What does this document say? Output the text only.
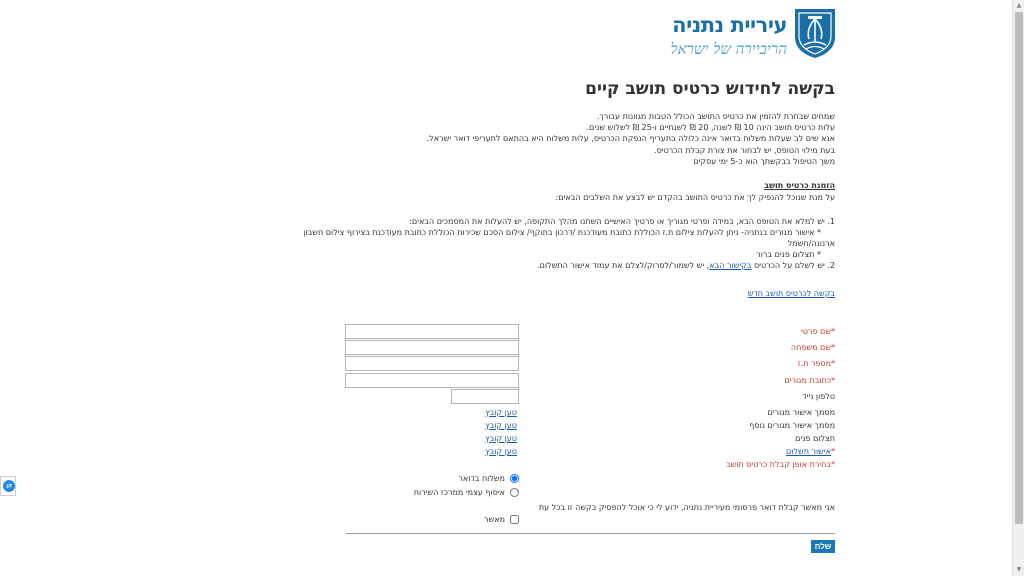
▲
▼
⇄
עיריית נתניה
הריביירה של ישראל
בקשה לחידוש כרטיס תושב קיים

שמחים שבחרת להזמין את כרטיס התושב הכולל הטבות מגוונות עבורך.

עלות כרטיס תושב הינה 10 ₪ לשנה, 20 ₪ לשנתיים ו-25 ₪ לשלוש שנים.

אנא שים לב שעלות משלוח בדואר אינה כלולה בתעריף הנפקת הכרטיס, עלות משלוח היא בהתאם לתעריפי דואר ישראל.

בעת מילוי הטופס, יש לבחור את צורת קבלת הכרטיס.

משך הטיפול בבקשתך הוא כ-5 ימי עסקים

הזמנת כרטיס תושב
על מנת שנוכל להנפיק לך את כרטיס התושב בהקדם יש לבצע את השלבים הבאים:
1. יש למלא את הטופס הבא, במידה ופרטי מגוריך או פרטיך האישיים השתנו מהלך התקופה, יש להעלות את המסמכים הבאים:
* אישור מגורים בנתניה- ניתן להעלות צילום ת.ז הכוללת כתובת מעודכנת /דרכון בתוקף/ צילום הסכם שכירות הכוללת כתובת מעודכנת בצירוף צילום חשבון
ארנונה/חשמל
* תצלום פנים ברור
2. יש לשלם על הכרטיס בקישור הבא, יש לשמור/לסרוק/לצלם את עמוד אישור התשלום.
בקשה לכרטיס תושב חדש
*שם פרטי
*שם משפחה
*מספר ת.ז
*כתובת מגורים
טלפון נייד
מסמך אישור מגורים
טען קובץ
מסמך אישור מגורים נוסף
טען קובץ
תצלום פנים
טען קובץ
*אישור תשלום
טען קובץ
*בחירת אופן קבלת כרטיס תושב
משלוח בדואר
איסוף עצמי ממרכז השירות
אני מאשר קבלת דואר פרסומי מעיריית נתניה, ידוע לי כי אוכל להפסיק בקשה זו בכל עת
מאשר
שלח
